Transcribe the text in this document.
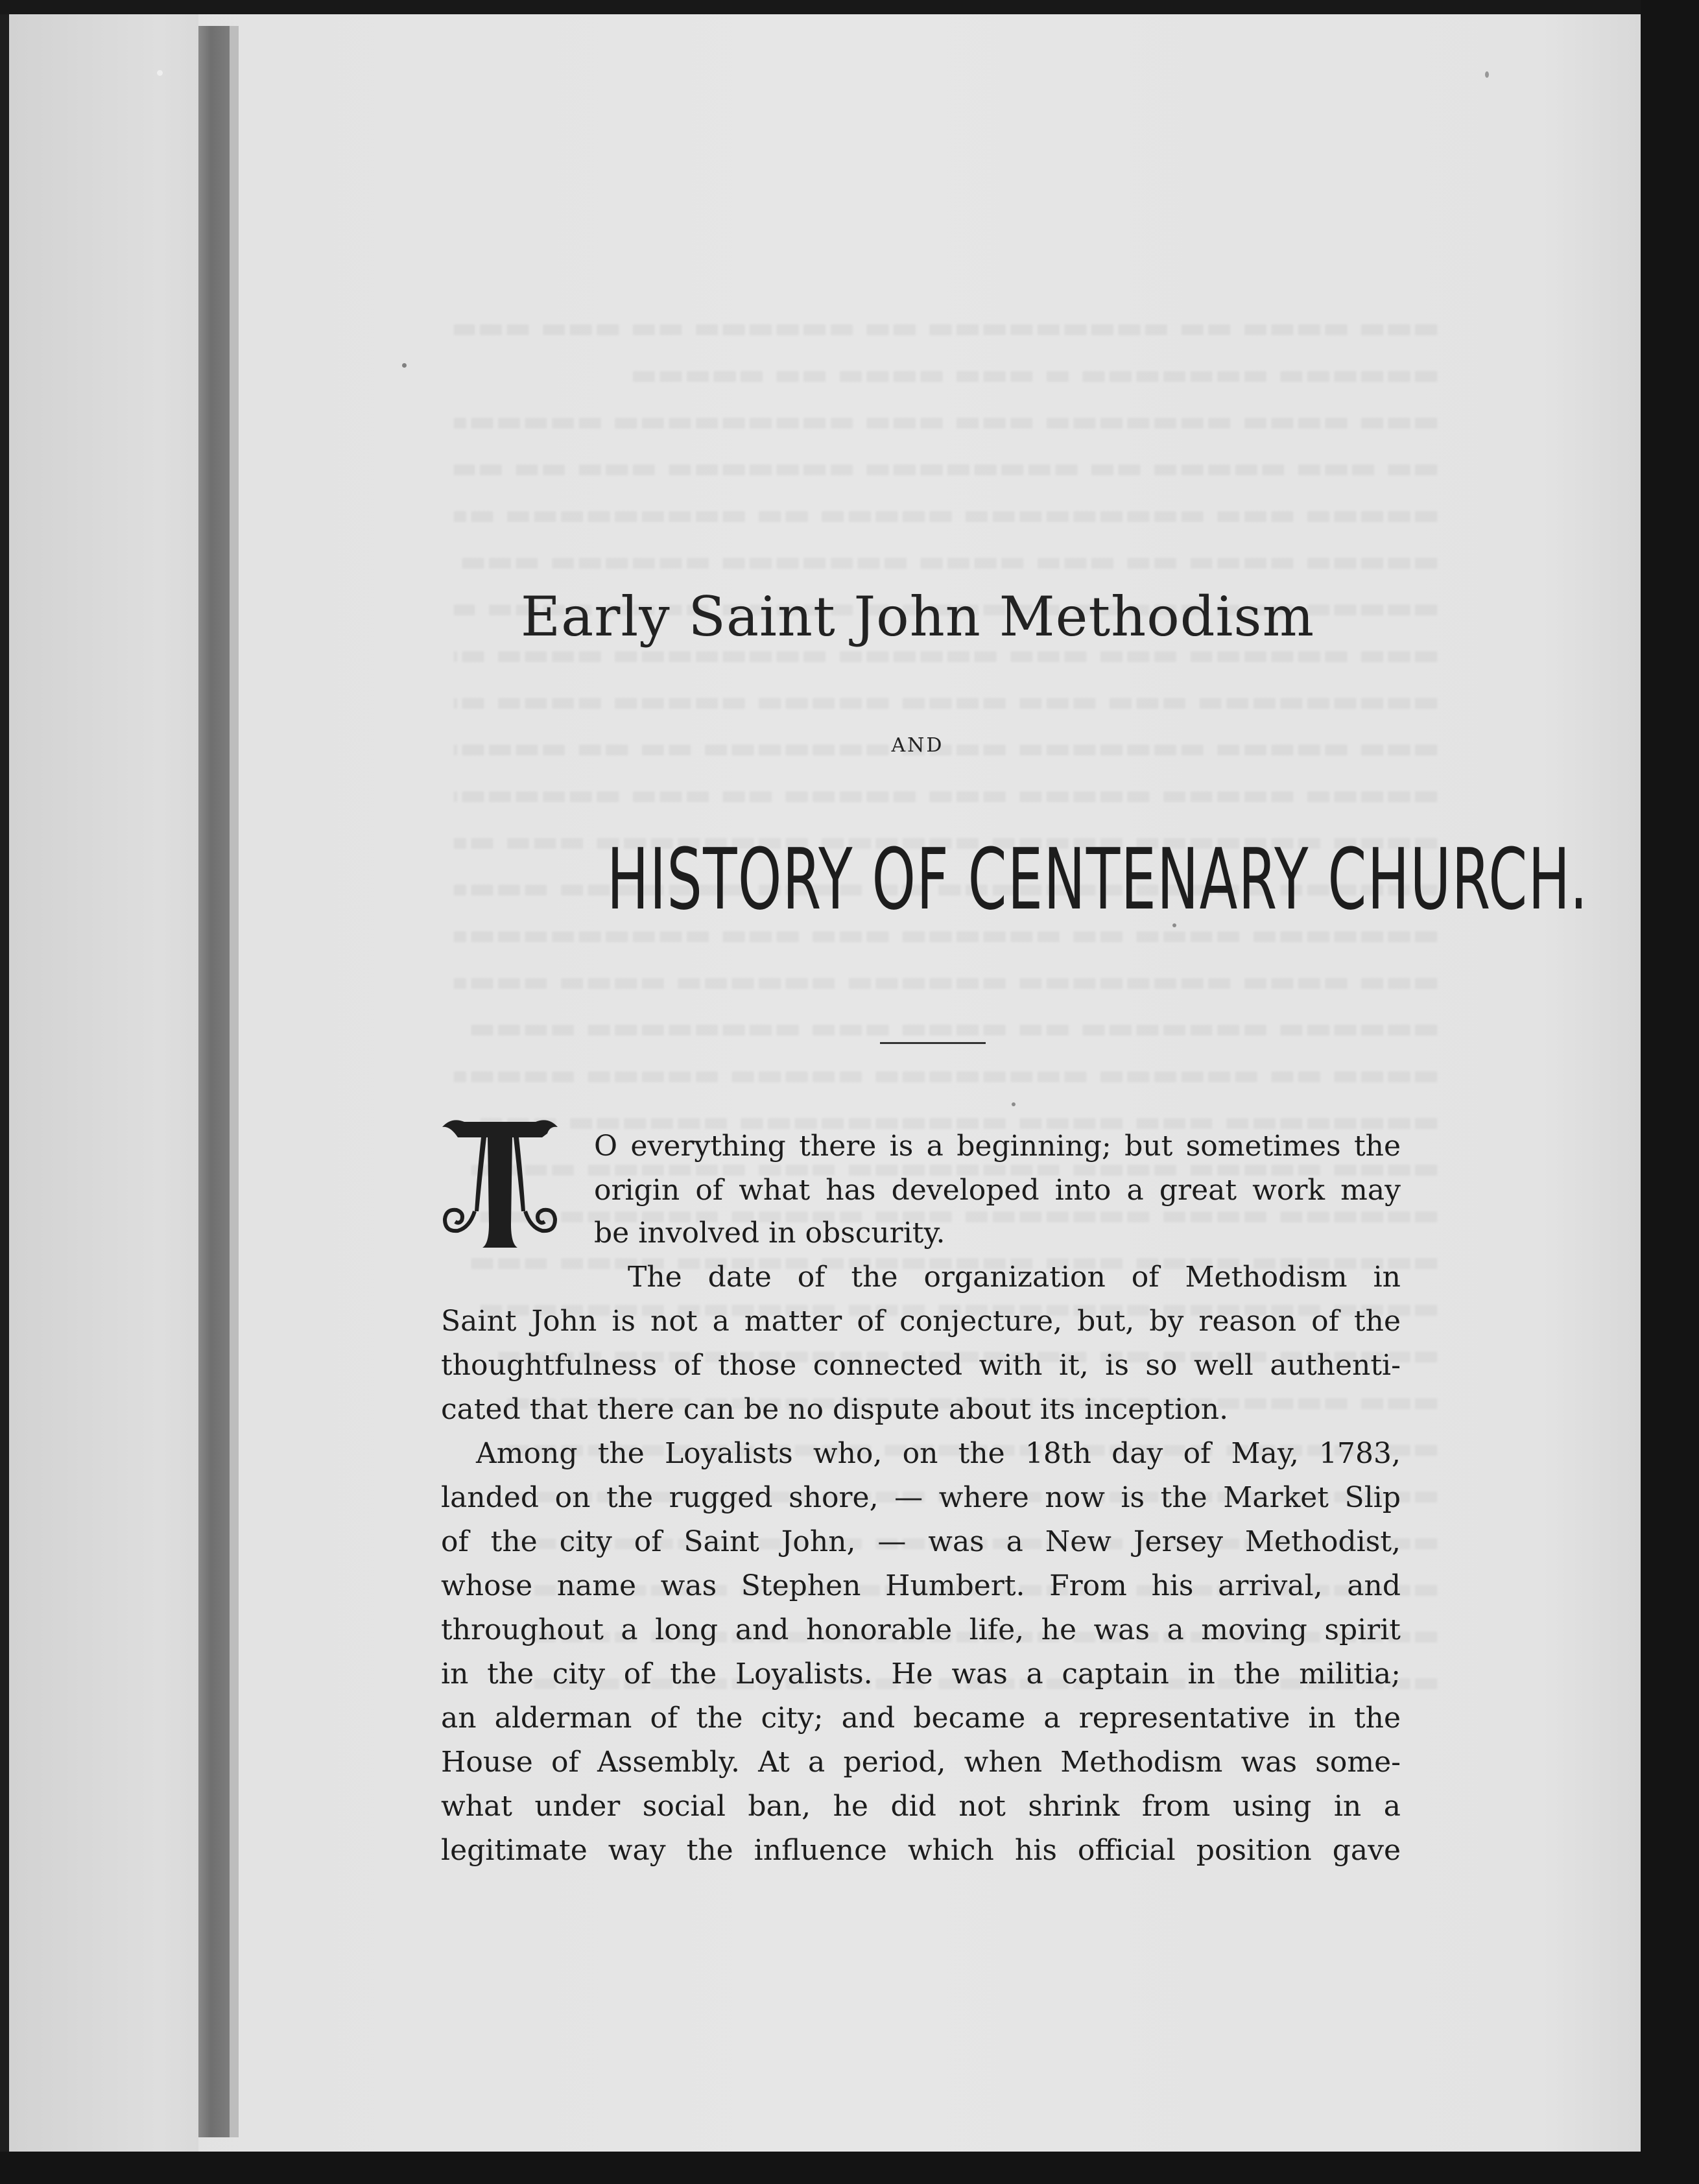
Early Saint John Methodism
AND
HISTORY OF CENTENARY CHURCH.
O everything there is a beginning; but sometimes the
origin of what has developed into a great work may
be involved in obscurity.
The date of the organization of Methodism in
Saint John is not a matter of conjecture, but, by reason of the
thoughtfulness of those connected with it, is so well authenti-
cated that there can be no dispute about its inception.
Among the Loyalists who, on the 18th day of May, 1783,
landed on the rugged shore, — where now is the Market Slip
of the city of Saint John, — was a New Jersey Methodist,
whose name was Stephen Humbert. From his arrival, and
throughout a long and honorable life, he was a moving spirit
in the city of the Loyalists. He was a captain in the militia;
an alderman of the city; and became a representative in the
House of Assembly. At a period, when Methodism was some-
what under social ban, he did not shrink from using in a
legitimate way the influence which his official position gave
